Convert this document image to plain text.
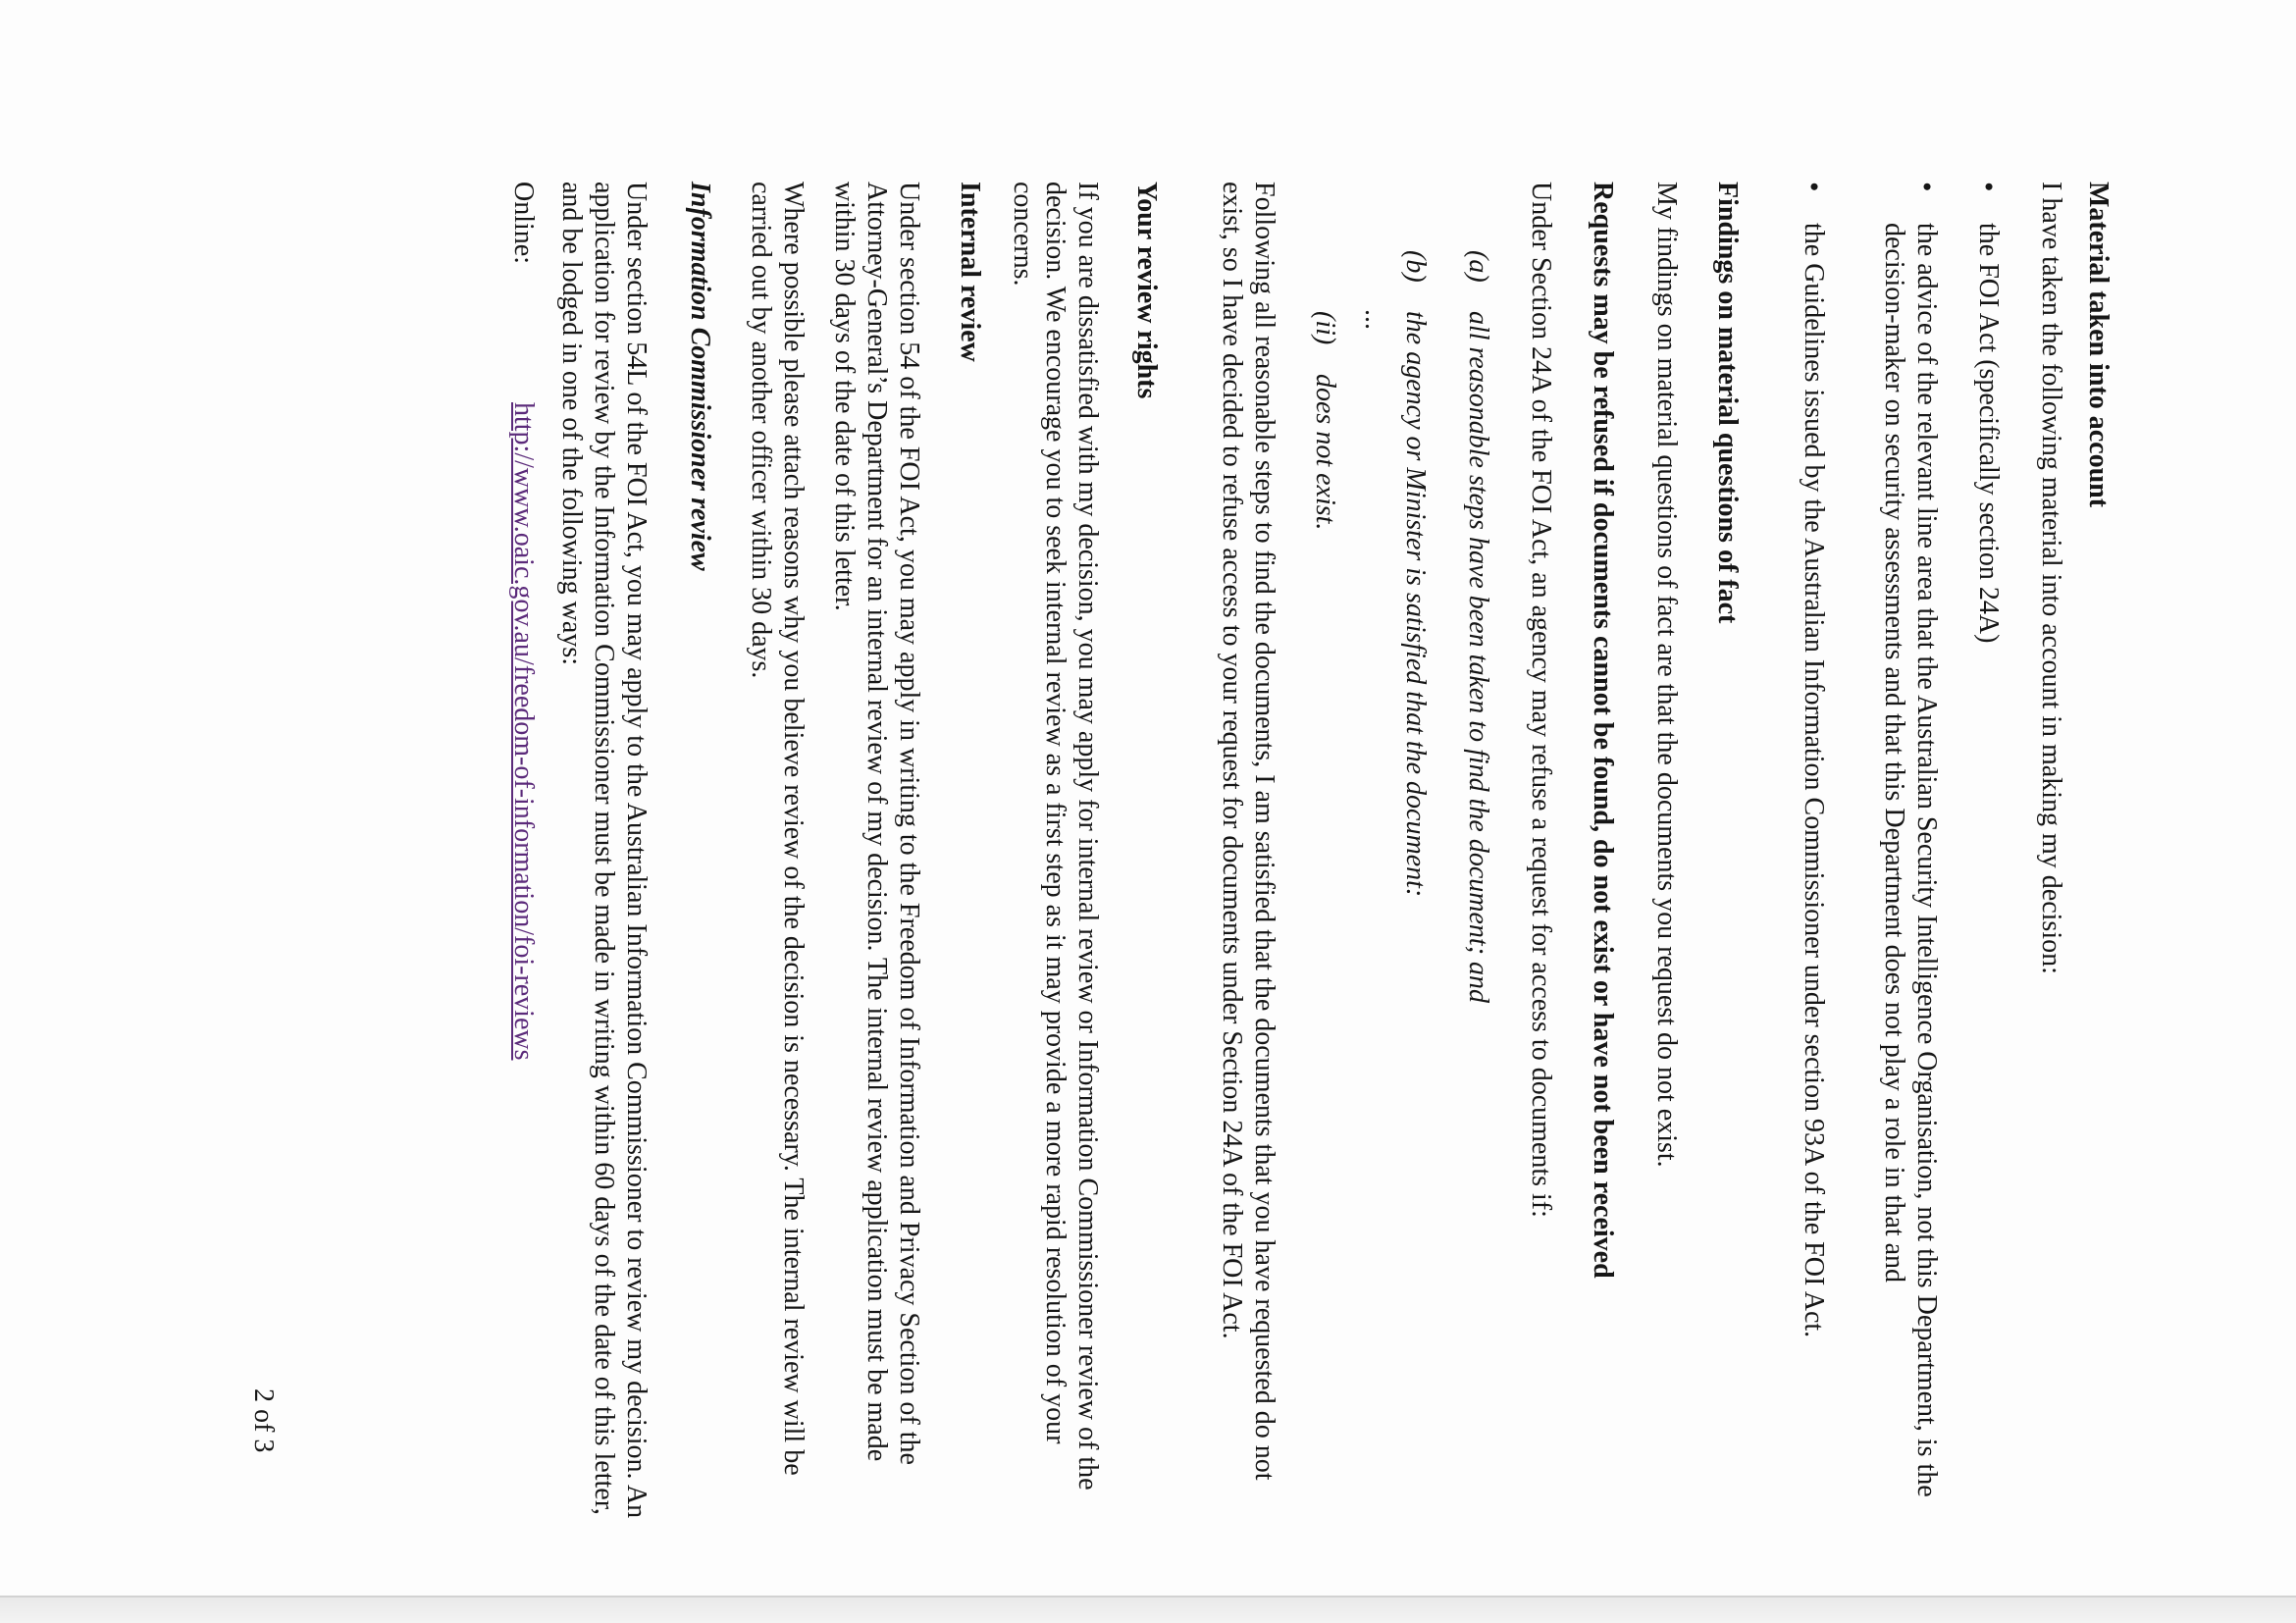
Material taken into account

I have taken the following material into account in making my decision:

•
the FOI Act (specifically section 24A)
•
the advice of the relevant line area that the Australian Security Intelligence Organisation, not this Department, is the decision-maker on security assessments and that this Department does not play a role in that and
•
the Guidelines issued by the Australian Information Commissioner under section 93A of the FOI Act.

Findings on material questions of fact

My findings on material questions of fact are that the documents you request do not exist.

Requests may be refused if documents cannot be found, do not exist or have not been received

Under Section 24A of the FOI Act, an agency may refuse a request for access to documents if:

(a)
all reasonable steps have been taken to find the document; and
(b)
the agency or Minister is satisfied that the document:

...

(ii)
does not exist.

Following all reasonable steps to find the documents, I am satisfied that the documents that you have requested do not exist, so I have decided to refuse access to your request for documents under Section 24A of the FOI Act.

Your review rights

If you are dissatisfied with my decision, you may apply for internal review or Information Commissioner review of the decision. We encourage you to seek internal review as a first step as it may provide a more rapid resolution of your concerns.

Internal review

Under section 54 of the FOI Act, you may apply in writing to the Freedom of Information and Privacy Section of the Attorney-General’s Department for an internal review of my decision. The internal review application must be made within 30 days of the date of this letter.

Where possible please attach reasons why you believe review of the decision is necessary. The internal review will be carried out by another officer within 30 days.

Information Commissioner review

Under section 54L of the FOI Act, you may apply to the Australian Information Commissioner to review my decision. An application for review by the Information Commissioner must be made in writing within 60 days of the date of this letter, and be lodged in one of the following ways:

Online:
http://www.oaic.gov.au/freedom-of-information/foi-reviews
2 of 3
